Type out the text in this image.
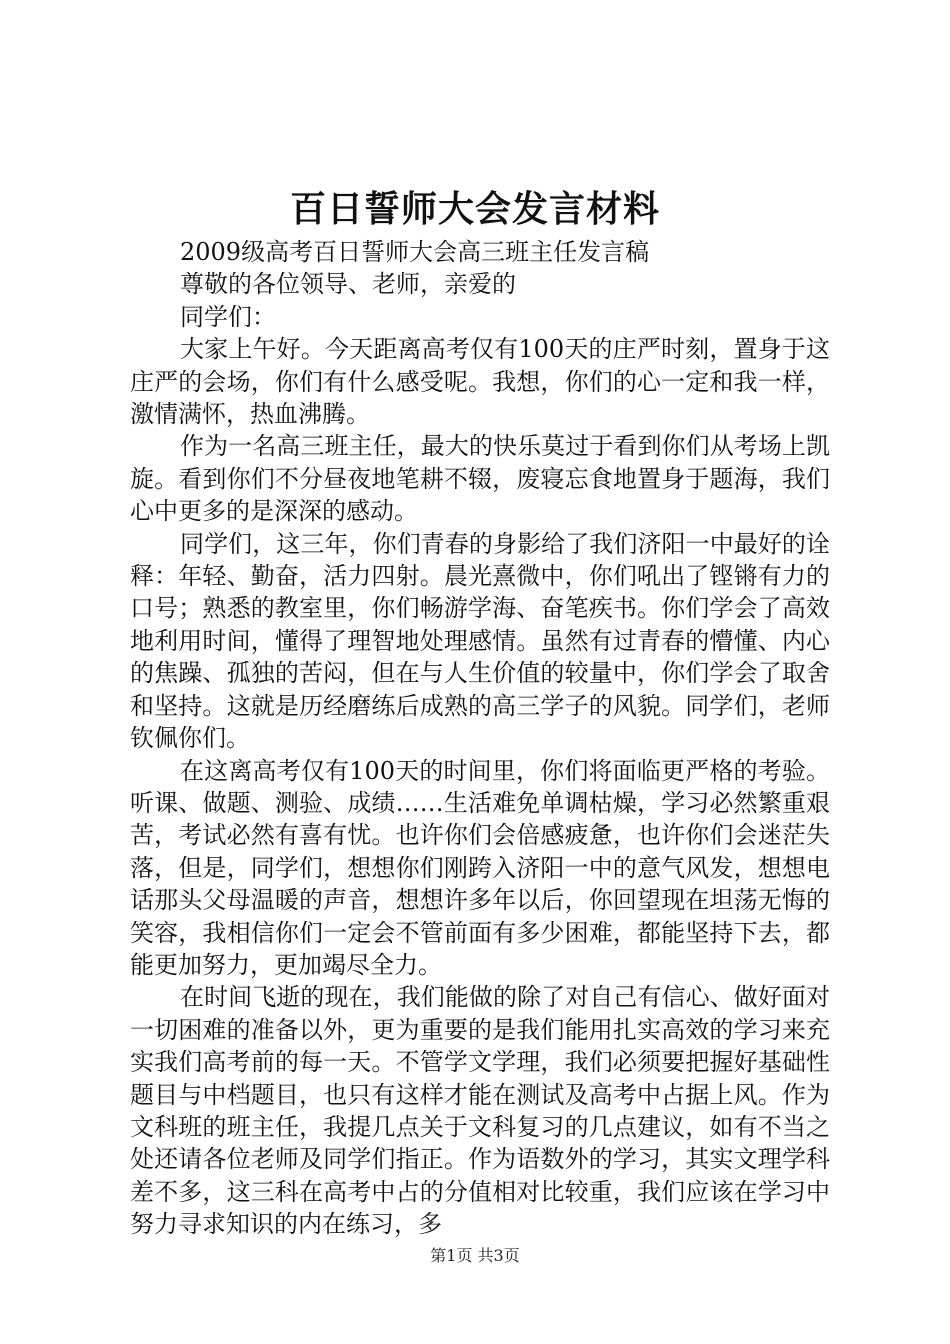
百日誓师大会发言材料

2009级高考百日誓师大会高三班主任发言稿

尊敬的各位领导、老师，亲爱的

同学们：

大家上午好。今天距离高考仅有100天的庄严时刻，置身于这庄严的会场，你们有什么感受呢。我想，你们的心一定和我一样，激情满怀，热血沸腾。

作为一名高三班主任，最大的快乐莫过于看到你们从考场上凯旋。看到你们不分昼夜地笔耕不辍，废寝忘食地置身于题海，我们心中更多的是深深的感动。

同学们，这三年，你们青春的身影给了我们济阳一中最好的诠释：年轻、勤奋，活力四射。晨光熹微中，你们吼出了铿锵有力的口号；熟悉的教室里，你们畅游学海、奋笔疾书。你们学会了高效地利用时间，懂得了理智地处理感情。虽然有过青春的懵懂、内心的焦躁、孤独的苦闷，但在与人生价值的较量中，你们学会了取舍和坚持。这就是历经磨练后成熟的高三学子的风貌。同学们，老师钦佩你们。

在这离高考仅有100天的时间里，你们将面临更严格的考验。听课、做题、测验、成绩……生活难免单调枯燥，学习必然繁重艰苦，考试必然有喜有忧。也许你们会倍感疲惫，也许你们会迷茫失落，但是，同学们，想想你们刚跨入济阳一中的意气风发，想想电话那头父母温暖的声音，想想许多年以后，你回望现在坦荡无悔的笑容，我相信你们一定会不管前面有多少困难，都能坚持下去，都能更加努力，更加竭尽全力。

在时间飞逝的现在，我们能做的除了对自己有信心、做好面对一切困难的准备以外，更为重要的是我们能用扎实高效的学习来充实我们高考前的每一天。不管学文学理，我们必须要把握好基础性题目与中档题目，也只有这样才能在测试及高考中占据上风。作为文科班的班主任，我提几点关于文科复习的几点建议，如有不当之处还请各位老师及同学们指正。作为语数外的学习，其实文理学科差不多，这三科在高考中占的分值相对比较重，我们应该在学习中努力寻求知识的内在练习，多

第1页 共3页
